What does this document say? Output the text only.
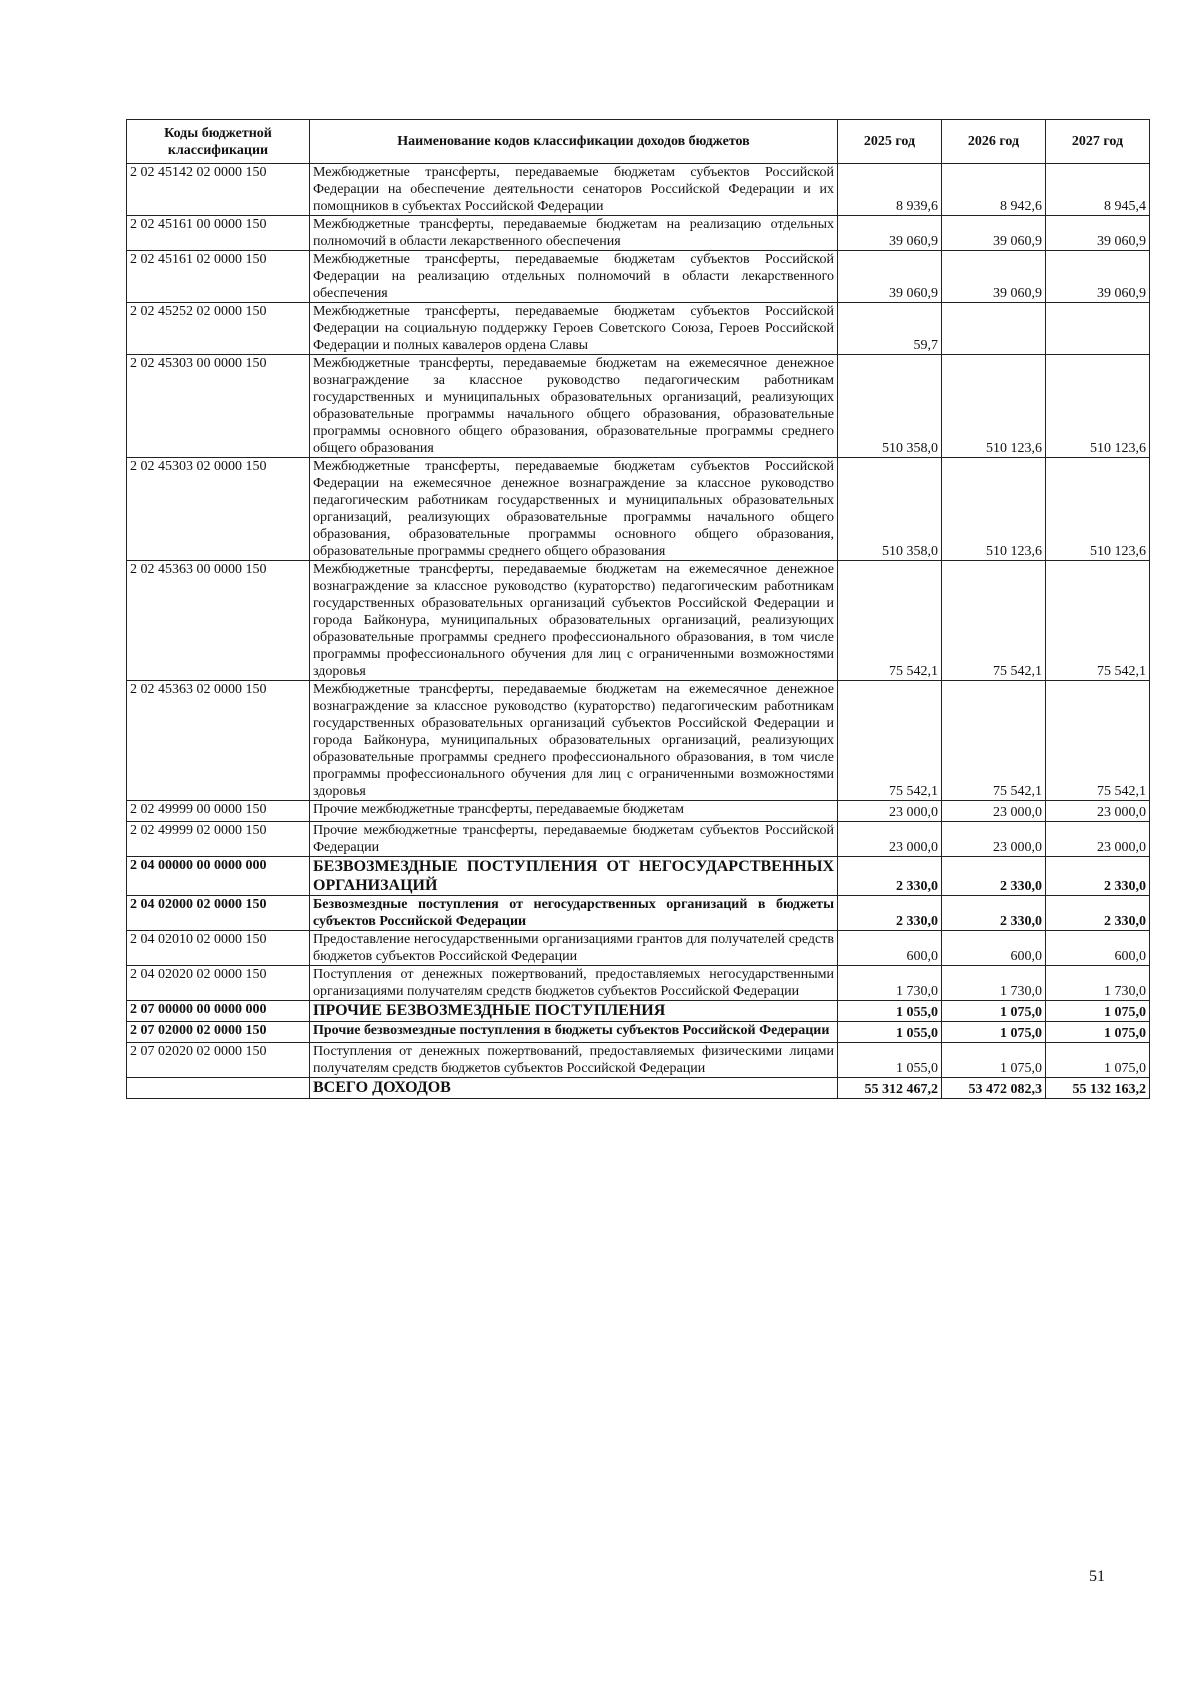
Коды бюджетной классификации	Наименование кодов классификации доходов бюджетов	2025 год	2026 год	2027 год
2 02 45142 02 0000 150	Межбюджетные трансферты, передаваемые бюджетам субъектов Российской Федерации на обеспечение деятельности сенаторов Российской Федерации и их помощников в субъектах Российской Федерации	8 939,6	8 942,6	8 945,4
2 02 45161 00 0000 150	Межбюджетные трансферты, передаваемые бюджетам на реализацию отдельных полномочий в области лекарственного обеспечения	39 060,9	39 060,9	39 060,9
2 02 45161 02 0000 150	Межбюджетные трансферты, передаваемые бюджетам субъектов Российской Федерации на реализацию отдельных полномочий в области лекарственного обеспечения	39 060,9	39 060,9	39 060,9
2 02 45252 02 0000 150	Межбюджетные трансферты, передаваемые бюджетам субъектов Российской Федерации на социальную поддержку Героев Советского Союза, Героев Российской Федерации и полных кавалеров ордена Славы	59,7		
2 02 45303 00 0000 150	Межбюджетные трансферты, передаваемые бюджетам на ежемесячное денежное вознаграждение за классное руководство педагогическим работникам государственных и муниципальных образовательных организаций, реализующих образовательные программы начального общего образования, образовательные программы основного общего образования, образовательные программы среднего общего образования	510 358,0	510 123,6	510 123,6
2 02 45303 02 0000 150	Межбюджетные трансферты, передаваемые бюджетам субъектов Российской Федерации на ежемесячное денежное вознаграждение за классное руководство педагогическим работникам государственных и муниципальных образовательных организаций, реализующих образовательные программы начального общего образования, образовательные программы основного общего образования, образовательные программы среднего общего образования	510 358,0	510 123,6	510 123,6
2 02 45363 00 0000 150	Межбюджетные трансферты, передаваемые бюджетам на ежемесячное денежное вознаграждение за классное руководство (кураторство) педагогическим работникам государственных образовательных организаций субъектов Российской Федерации и города Байконура, муниципальных образовательных организаций, реализующих образовательные программы среднего профессионального образования, в том числе программы профессионального обучения для лиц с ограниченными возможностями здоровья	75 542,1	75 542,1	75 542,1
2 02 45363 02 0000 150	Межбюджетные трансферты, передаваемые бюджетам на ежемесячное денежное вознаграждение за классное руководство (кураторство) педагогическим работникам государственных образовательных организаций субъектов Российской Федерации и города Байконура, муниципальных образовательных организаций, реализующих образовательные программы среднего профессионального образования, в том числе программы профессионального обучения для лиц с ограниченными возможностями здоровья	75 542,1	75 542,1	75 542,1
2 02 49999 00 0000 150	Прочие межбюджетные трансферты, передаваемые бюджетам	23 000,0	23 000,0	23 000,0
2 02 49999 02 0000 150	Прочие межбюджетные трансферты, передаваемые бюджетам субъектов Российской Федерации	23 000,0	23 000,0	23 000,0
2 04 00000 00 0000 000	БЕЗВОЗМЕЗДНЫЕ ПОСТУПЛЕНИЯ ОТ НЕГОСУДАРСТВЕННЫХ ОРГАНИЗАЦИЙ	2 330,0	2 330,0	2 330,0
2 04 02000 02 0000 150	Безвозмездные поступления от негосударственных организаций в бюджеты субъектов Российской Федерации	2 330,0	2 330,0	2 330,0
2 04 02010 02 0000 150	Предоставление негосударственными организациями грантов для получателей средств бюджетов субъектов Российской Федерации	600,0	600,0	600,0
2 04 02020 02 0000 150	Поступления от денежных пожертвований, предоставляемых негосударственными организациями получателям средств бюджетов субъектов Российской Федерации	1 730,0	1 730,0	1 730,0
2 07 00000 00 0000 000	ПРОЧИЕ БЕЗВОЗМЕЗДНЫЕ ПОСТУПЛЕНИЯ	1 055,0	1 075,0	1 075,0
2 07 02000 02 0000 150	Прочие безвозмездные поступления в бюджеты субъектов Российской Федерации	1 055,0	1 075,0	1 075,0
2 07 02020 02 0000 150	Поступления от денежных пожертвований, предоставляемых физическими лицами получателям средств бюджетов субъектов Российской Федерации	1 055,0	1 075,0	1 075,0
	ВСЕГО ДОХОДОВ	55 312 467,2	53 472 082,3	55 132 163,2
51
